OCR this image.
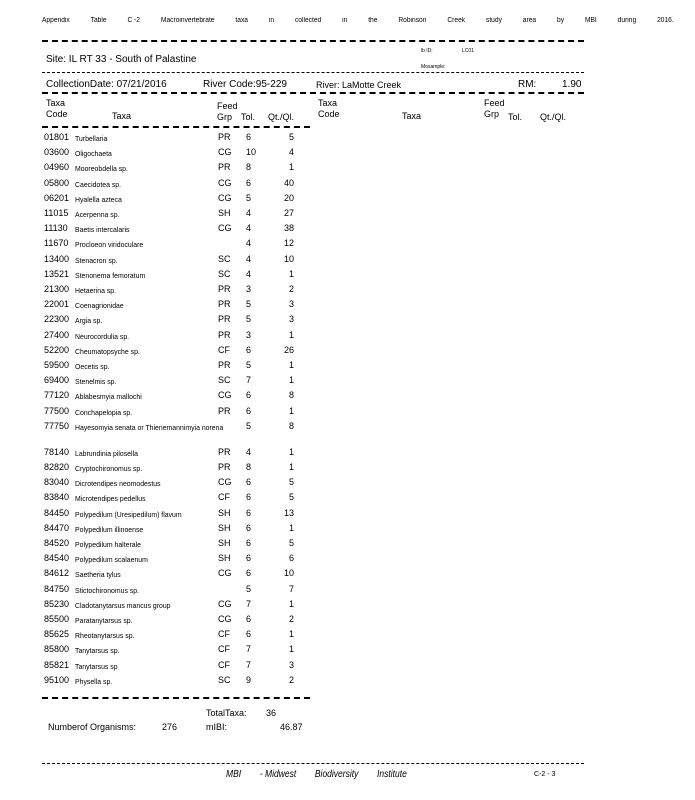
Appendix	Table	C -2	Macroinvertebrate	taxa	in	collected	in	the	Robinson	Creek	study	area	by	MBI	during	2016.
Site: IL RT 33 - South of Palastine
lb ID:	LC01
Mosample:
CollectionDate: 07/21/2016	River Code:95-229	River: LaMotte Creek	RM:	1.90
Taxa
Code	Taxa
Feed
Grp Tol. Qt./Ql.
Taxa
Code	Taxa
Feed
Grp Tol. Qt./Ql.
01801 Turbellaria	PR 6	5
03600 Oligochaeta	CG 10	4
04960 Mooreobdella sp.	PR 8	1
05800 Caecidotea sp.	CG 6	40
06201 Hyalella azteca	CG 5	20
11015 Acerpenna sp.	SH 4	27
11130 Baetis intercalaris	CG 4	38
11670 Procloeon viridoculare	4	12
13400 Stenacron sp.	SC 4	10
13521 Stenonema femoratum	SC 4	1
21300 Hetaerina sp.	PR 3	2
22001 Coenagrionidae	PR 5	3
22300 Argia sp.	PR 5	3
27400 Neurocordulia sp.	PR 3	1
52200 Cheumatopsyche sp.	CF 6	26
59500 Oecetis sp.	PR 5	1
69400 Stenelmis sp.	SC 7	1
77120 Ablabesmyia mallochi	CG 6	8
77500 Conchapelopia sp.	PR 6	1
77750 Hayesomyia senata or Thienemannimyia norena	5	8
78140 Labrundinia pilosella	PR 4	1
82820 Cryptochironomus sp.	PR 8	1
83040 Dicrotendipes neomodestus	CG 6	5
83840 Microtendipes pedellus	CF 6	5
84450 Polypedilum (Uresipedilum) flavum	SH 6	13
84470 Polypedilum illinoense	SH 6	1
84520 Polypedilum halterale	SH 6	5
84540 Polypedilum scalaenum	SH 6	6
84612 Saetheria tylus	CG 6	10
84750 Stictochironomus sp.	5	7
85230 Cladotanytarsus mancus group	CG 7	1
85500 Paratanytarsus sp.	CG 6	2
85625 Rheotanytarsus sp.	CF 6	1
85800 Tanytarsus sp.	CF 7	1
85821 Tanytarsus sp	CF 7	3
95100 Physella sp.	SC 9	2
TotalTaxa: 36
Numberof Organisms:	276	mIBI:	46.87
MBI - Midwest Biodiversity Institute	C-2 - 3
